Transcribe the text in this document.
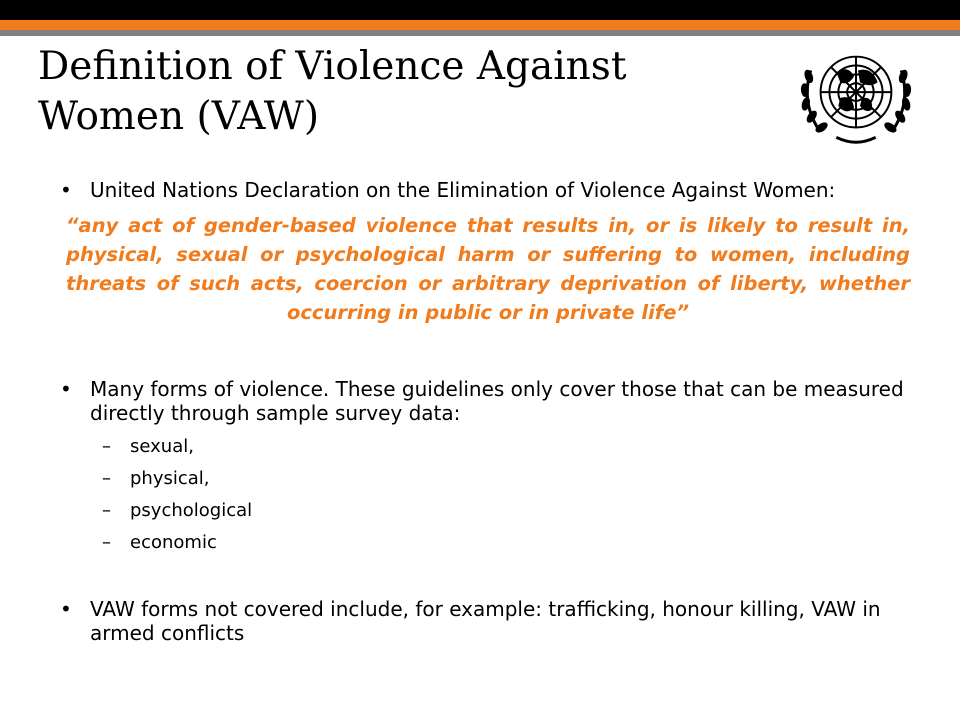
Definition of Violence Against
Women (VAW)
• United Nations Declaration on the Elimination of Violence Against Women:
“any act of gender-based violence that results in, or is likely to result in, physical, sexual or psychological harm or suffering to women, including threats of such acts, coercion or arbitrary deprivation of liberty, whether occurring in public or in private life”
• Many forms of violence. These guidelines only cover those that can be measured directly through sample survey data:
– sexual,
– physical,
– psychological
– economic
• VAW forms not covered include, for example: trafficking, honour killing, VAW in armed conflicts
